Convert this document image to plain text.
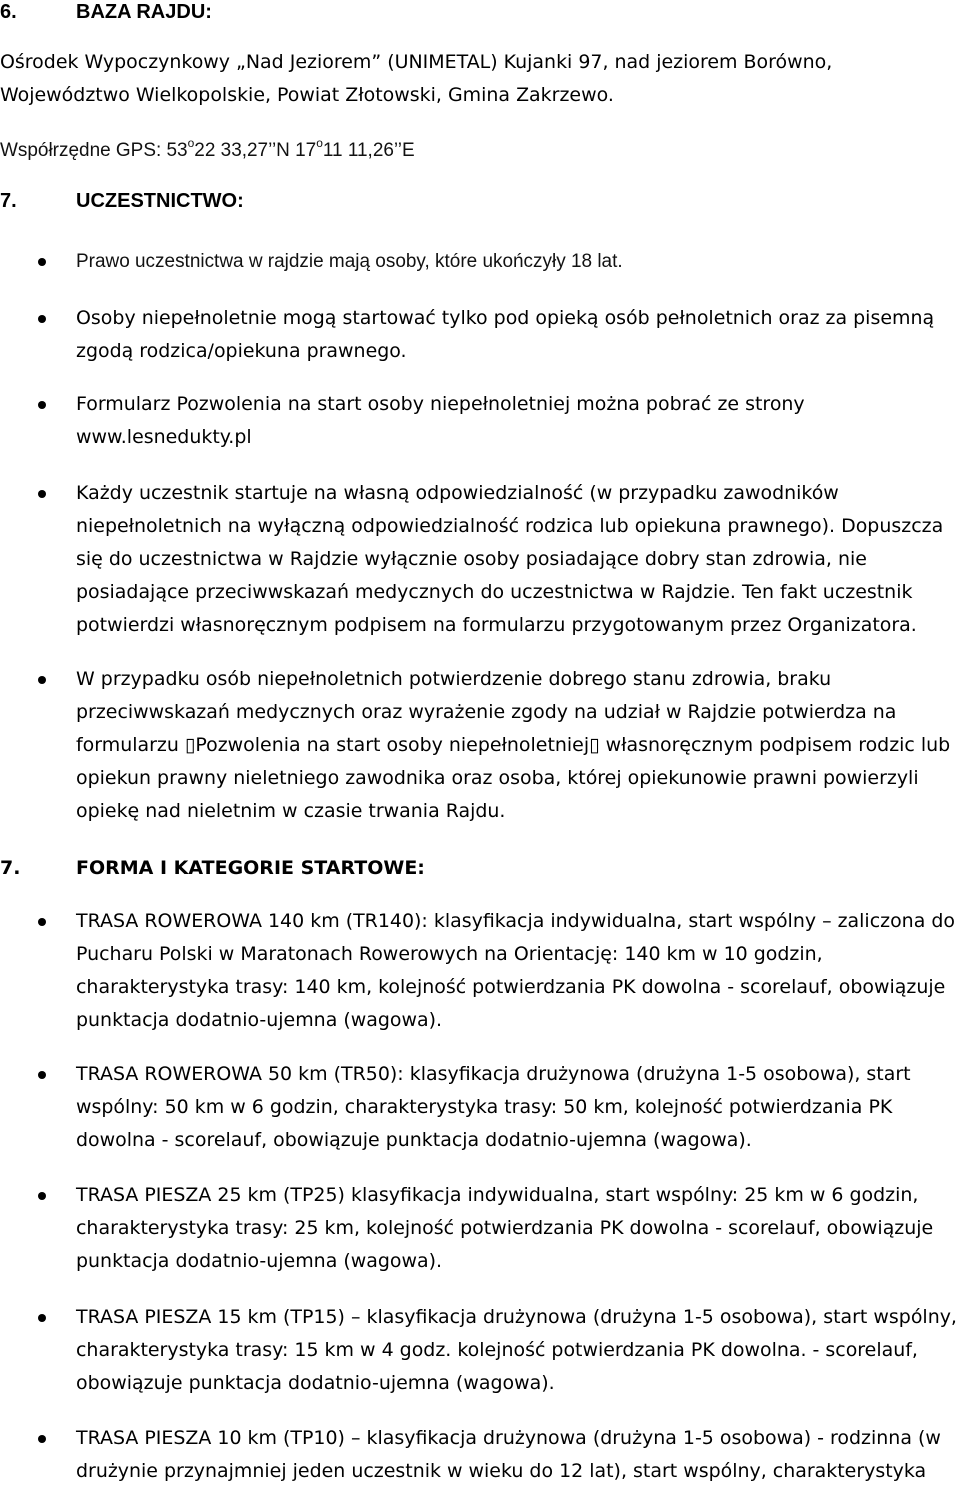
6.	BAZA RAJDU:
Ośrodek Wypoczynkowy „Nad Jeziorem” (UNIMETAL) Kujanki 97, nad jeziorem Borówno,
Województwo Wielkopolskie, Powiat Złotowski, Gmina Zakrzewo.
Współrzędne GPS: 53$^o$22 33,27’’N 17$^o$11 11,26’’E
7.	UCZESTNICTWO:
Prawo uczestnictwa w rajdzie mają osoby, które ukończyły 18 lat.
Osoby niepełnoletnie mogą startować tylko pod opieką osób pełnoletnich oraz za pisemną
zgodą rodzica/opiekuna prawnego.
Formularz Pozwolenia na start osoby niepełnoletniej można pobrać ze strony
www.lesnedukty.pl
Każdy uczestnik startuje na własną odpowiedzialność (w przypadku zawodników
niepełnoletnich na wyłączną odpowiedzialność rodzica lub opiekuna prawnego). Dopuszcza
się do uczestnictwa w Rajdzie wyłącznie osoby posiadające dobry stan zdrowia, nie
posiadające przeciwwskazań medycznych do uczestnictwa w Rajdzie. Ten fakt uczestnik
potwierdzi własnoręcznym podpisem na formularzu przygotowanym przez Organizatora.
W przypadku osób niepełnoletnich potwierdzenie dobrego stanu zdrowia, braku
przeciwwskazań medycznych oraz wyrażenie zgody na udział w Rajdzie potwierdza na
formularzu ▯Pozwolenia na start osoby niepełnoletniej▯ własnoręcznym podpisem rodzic lub
opiekun prawny nieletniego zawodnika oraz osoba, której opiekunowie prawni powierzyli
opiekę nad nieletnim w czasie trwania Rajdu.
7.	FORMA I KATEGORIE STARTOWE:
TRASA ROWEROWA 140 km (TR140): klasyfikacja indywidualna, start wspólny – zaliczona do
Pucharu Polski w Maratonach Rowerowych na Orientację: 140 km w 10 godzin,
charakterystyka trasy: 140 km, kolejność potwierdzania PK dowolna - scorelauf, obowiązuje
punktacja dodatnio-ujemna (wagowa).
TRASA ROWEROWA 50 km (TR50): klasyfikacja drużynowa (drużyna 1-5 osobowa), start
wspólny: 50 km w 6 godzin, charakterystyka trasy: 50 km, kolejność potwierdzania PK
dowolna - scorelauf, obowiązuje punktacja dodatnio-ujemna (wagowa).
TRASA PIESZA 25 km (TP25) klasyfikacja indywidualna, start wspólny: 25 km w 6 godzin,
charakterystyka trasy: 25 km, kolejność potwierdzania PK dowolna - scorelauf, obowiązuje
punktacja dodatnio-ujemna (wagowa).
TRASA PIESZA 15 km (TP15) – klasyfikacja drużynowa (drużyna 1-5 osobowa), start wspólny,
charakterystyka trasy: 15 km w 4 godz. kolejność potwierdzania PK dowolna. - scorelauf,
obowiązuje punktacja dodatnio-ujemna (wagowa).
TRASA PIESZA 10 km (TP10) – klasyfikacja drużynowa (drużyna 1-5 osobowa) - rodzinna (w
drużynie przynajmniej jeden uczestnik w wieku do 12 lat), start wspólny, charakterystyka
